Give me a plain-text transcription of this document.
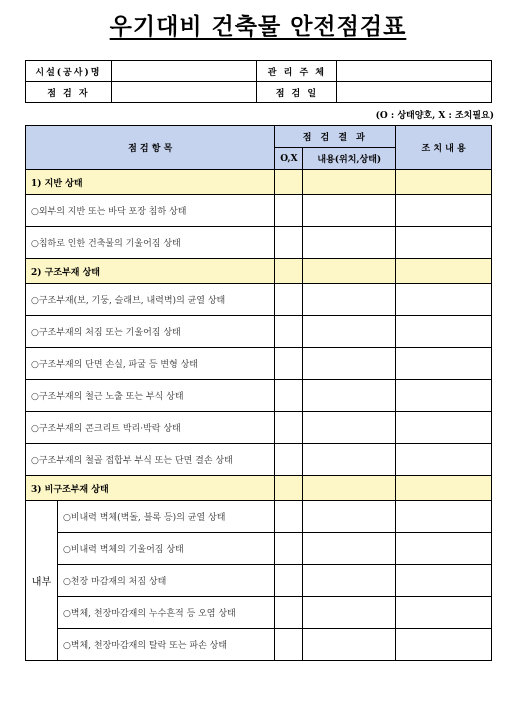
우기대비 건축물 안전점검표
시설(공사)명		관 리 주 체	
점 검 자		점 검 일	
(O : 상태양호, X : 조치필요)
점 검 항 목		점 검 결 과		조 치 내 용
		O,X	내용(위치,상태)	
1) 지반 상태				
○외부의 지반 또는 바닥 포장 침하 상태				
○침하로 인한 건축물의 기울어짐 상태				
2) 구조부재 상태				
○구조부재(보, 기둥, 슬래브, 내력벽)의 균열 상태				
○구조부재의 처짐 또는 기울어짐 상태				
○구조부재의 단면 손실, 파굴 등 변형 상태				
○구조부재의 철근 노출 또는 부식 상태				
○구조부재의 콘크리트 박리·박락 상태				
○구조부재의 철골 접합부 부식 또는 단면 결손 상태				
3) 비구조부재 상태				
내부	○비내력 벽체(벽돌, 블록 등)의 균열 상태			
	○비내력 벽체의 기울어짐 상태			
	○천장 마감재의 처짐 상태			
	○벽체, 천장마감재의 누수흔적 등 오염 상태			
	○벽체, 천장마감재의 탈락 또는 파손 상태			
